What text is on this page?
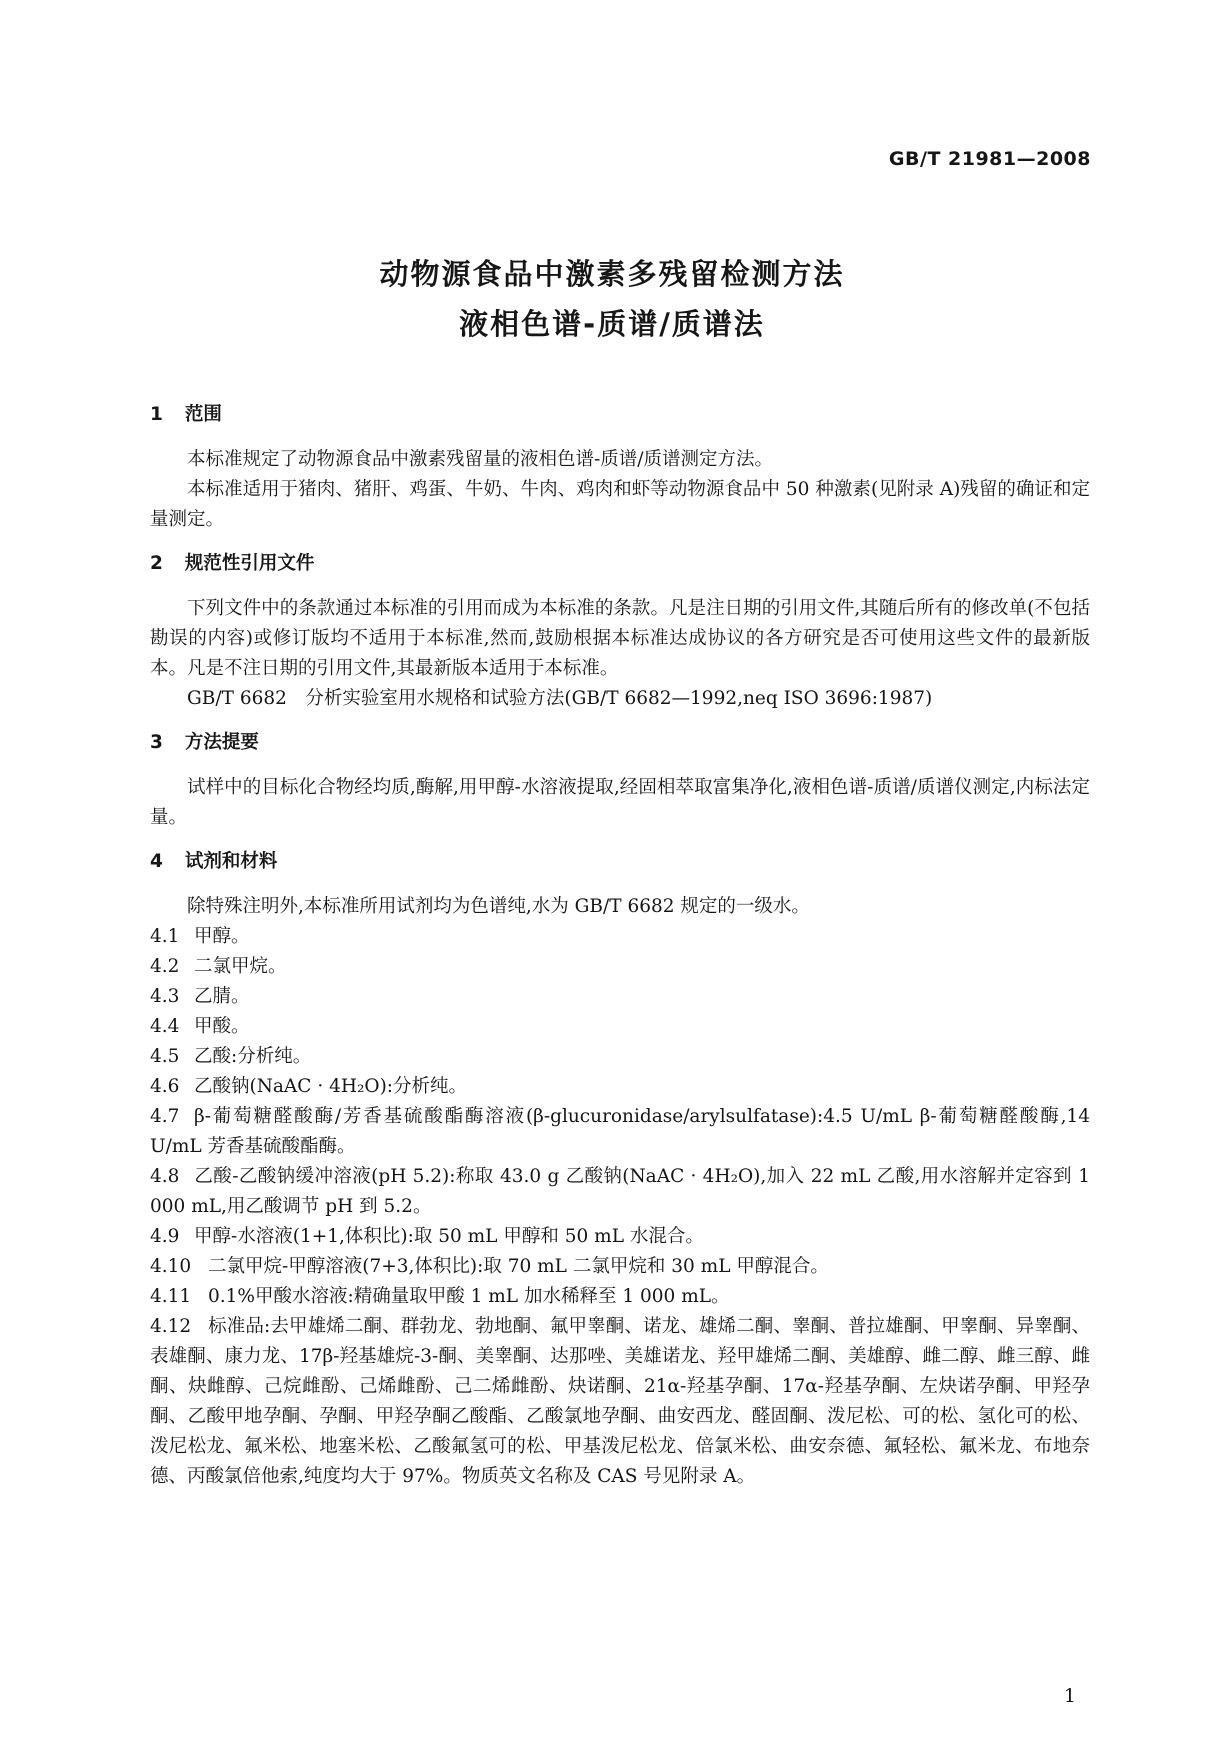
GB/T 21981—2008
动物源食品中激素多残留检测方法
液相色谱-质谱/质谱法
1 范围

本标准规定了动物源食品中激素残留量的液相色谱-质谱/质谱测定方法。

本标准适用于猪肉、猪肝、鸡蛋、牛奶、牛肉、鸡肉和虾等动物源食品中 50 种激素(见附录 A)残留的确证和定量测定。

2 规范性引用文件

下列文件中的条款通过本标准的引用而成为本标准的条款。凡是注日期的引用文件,其随后所有的修改单(不包括勘误的内容)或修订版均不适用于本标准,然而,鼓励根据本标准达成协议的各方研究是否可使用这些文件的最新版本。凡是不注日期的引用文件,其最新版本适用于本标准。

GB/T 6682　分析实验室用水规格和试验方法(GB/T 6682—1992,neq ISO 3696:1987)

3 方法提要

试样中的目标化合物经均质,酶解,用甲醇-水溶液提取,经固相萃取富集净化,液相色谱-质谱/质谱仪测定,内标法定量。

4 试剂和材料

除特殊注明外,本标准所用试剂均为色谱纯,水为 GB/T 6682 规定的一级水。

4.1 甲醇。

4.2 二氯甲烷。

4.3 乙腈。

4.4 甲酸。

4.5 乙酸:分析纯。

4.6 乙酸钠(NaAC · 4H₂O):分析纯。

4.7 β-葡萄糖醛酸酶/芳香基硫酸酯酶溶液(β-glucuronidase/arylsulfatase):4.5 U/mL β-葡萄糖醛酸酶,14 U/mL 芳香基硫酸酯酶。

4.8 乙酸-乙酸钠缓冲溶液(pH 5.2):称取 43.0 g 乙酸钠(NaAC · 4H₂O),加入 22 mL 乙酸,用水溶解并定容到 1 000 mL,用乙酸调节 pH 到 5.2。

4.9 甲醇-水溶液(1+1,体积比):取 50 mL 甲醇和 50 mL 水混合。

4.10 二氯甲烷-甲醇溶液(7+3,体积比):取 70 mL 二氯甲烷和 30 mL 甲醇混合。

4.11 0.1%甲酸水溶液:精确量取甲酸 1 mL 加水稀释至 1 000 mL。

4.12 标准品:去甲雄烯二酮、群勃龙、勃地酮、氟甲睾酮、诺龙、雄烯二酮、睾酮、普拉雄酮、甲睾酮、异睾酮、表雄酮、康力龙、17β-羟基雄烷-3-酮、美睾酮、达那唑、美雄诺龙、羟甲雄烯二酮、美雄醇、雌二醇、雌三醇、雌酮、炔雌醇、己烷雌酚、己烯雌酚、己二烯雌酚、炔诺酮、21α-羟基孕酮、17α-羟基孕酮、左炔诺孕酮、甲羟孕酮、乙酸甲地孕酮、孕酮、甲羟孕酮乙酸酯、乙酸氯地孕酮、曲安西龙、醛固酮、泼尼松、可的松、氢化可的松、泼尼松龙、氟米松、地塞米松、乙酸氟氢可的松、甲基泼尼松龙、倍氯米松、曲安奈德、氟轻松、氟米龙、布地奈德、丙酸氯倍他索,纯度均大于 97%。物质英文名称及 CAS 号见附录 A。

1
